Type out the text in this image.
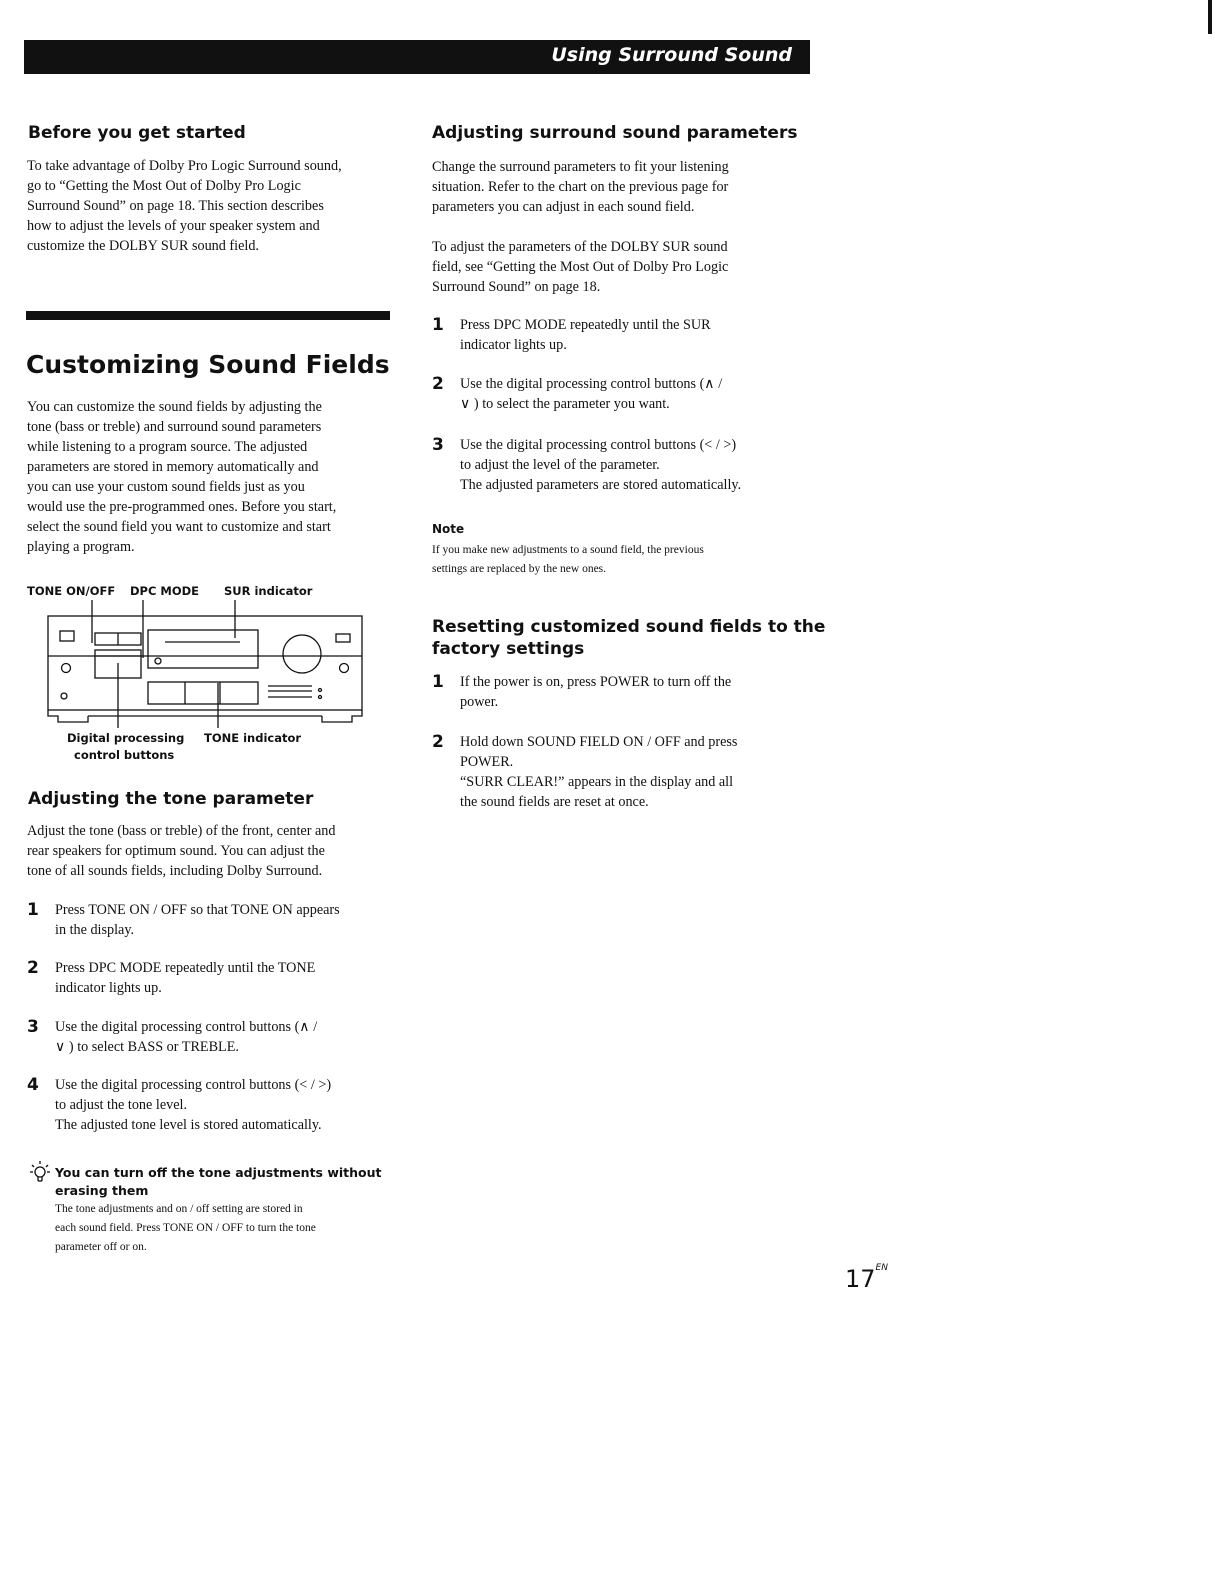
Using Surround Sound
Before you get started
To take advantage of Dolby Pro Logic Surround sound,
go to “Getting the Most Out of Dolby Pro Logic
Surround Sound” on page 18. This section describes
how to adjust the levels of your speaker system and
customize the DOLBY SUR sound field.
Customizing Sound Fields
You can customize the sound fields by adjusting the
tone (bass or treble) and surround sound parameters
while listening to a program source. The adjusted
parameters are stored in memory automatically and
you can use your custom sound fields just as you
would use the pre-programmed ones. Before you start,
select the sound field you want to customize and start
playing a program.
TONE ON/OFF DPC MODE SUR indicator
Digital processing
control buttons
TONE indicator
Adjusting the tone parameter
Adjust the tone (bass or treble) of the front, center and
rear speakers for optimum sound. You can adjust the
tone of all sounds fields, including Dolby Surround.
1 Press TONE ON / OFF so that TONE ON appears
in the display.
2 Press DPC MODE repeatedly until the TONE
indicator lights up.
3 Use the digital processing control buttons (∧ /
∨ ) to select BASS or TREBLE.
4 Use the digital processing control buttons (< / >)
to adjust the tone level.
The adjusted tone level is stored automatically.
You can turn off the tone adjustments without
erasing them
The tone adjustments and on / off setting are stored in
each sound field. Press TONE ON / OFF to turn the tone
parameter off or on.
Adjusting surround sound parameters
Change the surround parameters to fit your listening
situation. Refer to the chart on the previous page for
parameters you can adjust in each sound field.
To adjust the parameters of the DOLBY SUR sound
field, see “Getting the Most Out of Dolby Pro Logic
Surround Sound” on page 18.
1 Press DPC MODE repeatedly until the SUR
indicator lights up.
2 Use the digital processing control buttons (∧ /
∨ ) to select the parameter you want.
3 Use the digital processing control buttons (< / >)
to adjust the level of the parameter.
The adjusted parameters are stored automatically.
Note
If you make new adjustments to a sound field, the previous
settings are replaced by the new ones.
Resetting customized sound fields to the
factory settings
1 If the power is on, press POWER to turn off the
power.
2 Hold down SOUND FIELD ON / OFF and press
POWER.
“SURR CLEAR!” appears in the display and all
the sound fields are reset at once.
$17^{EN}$
